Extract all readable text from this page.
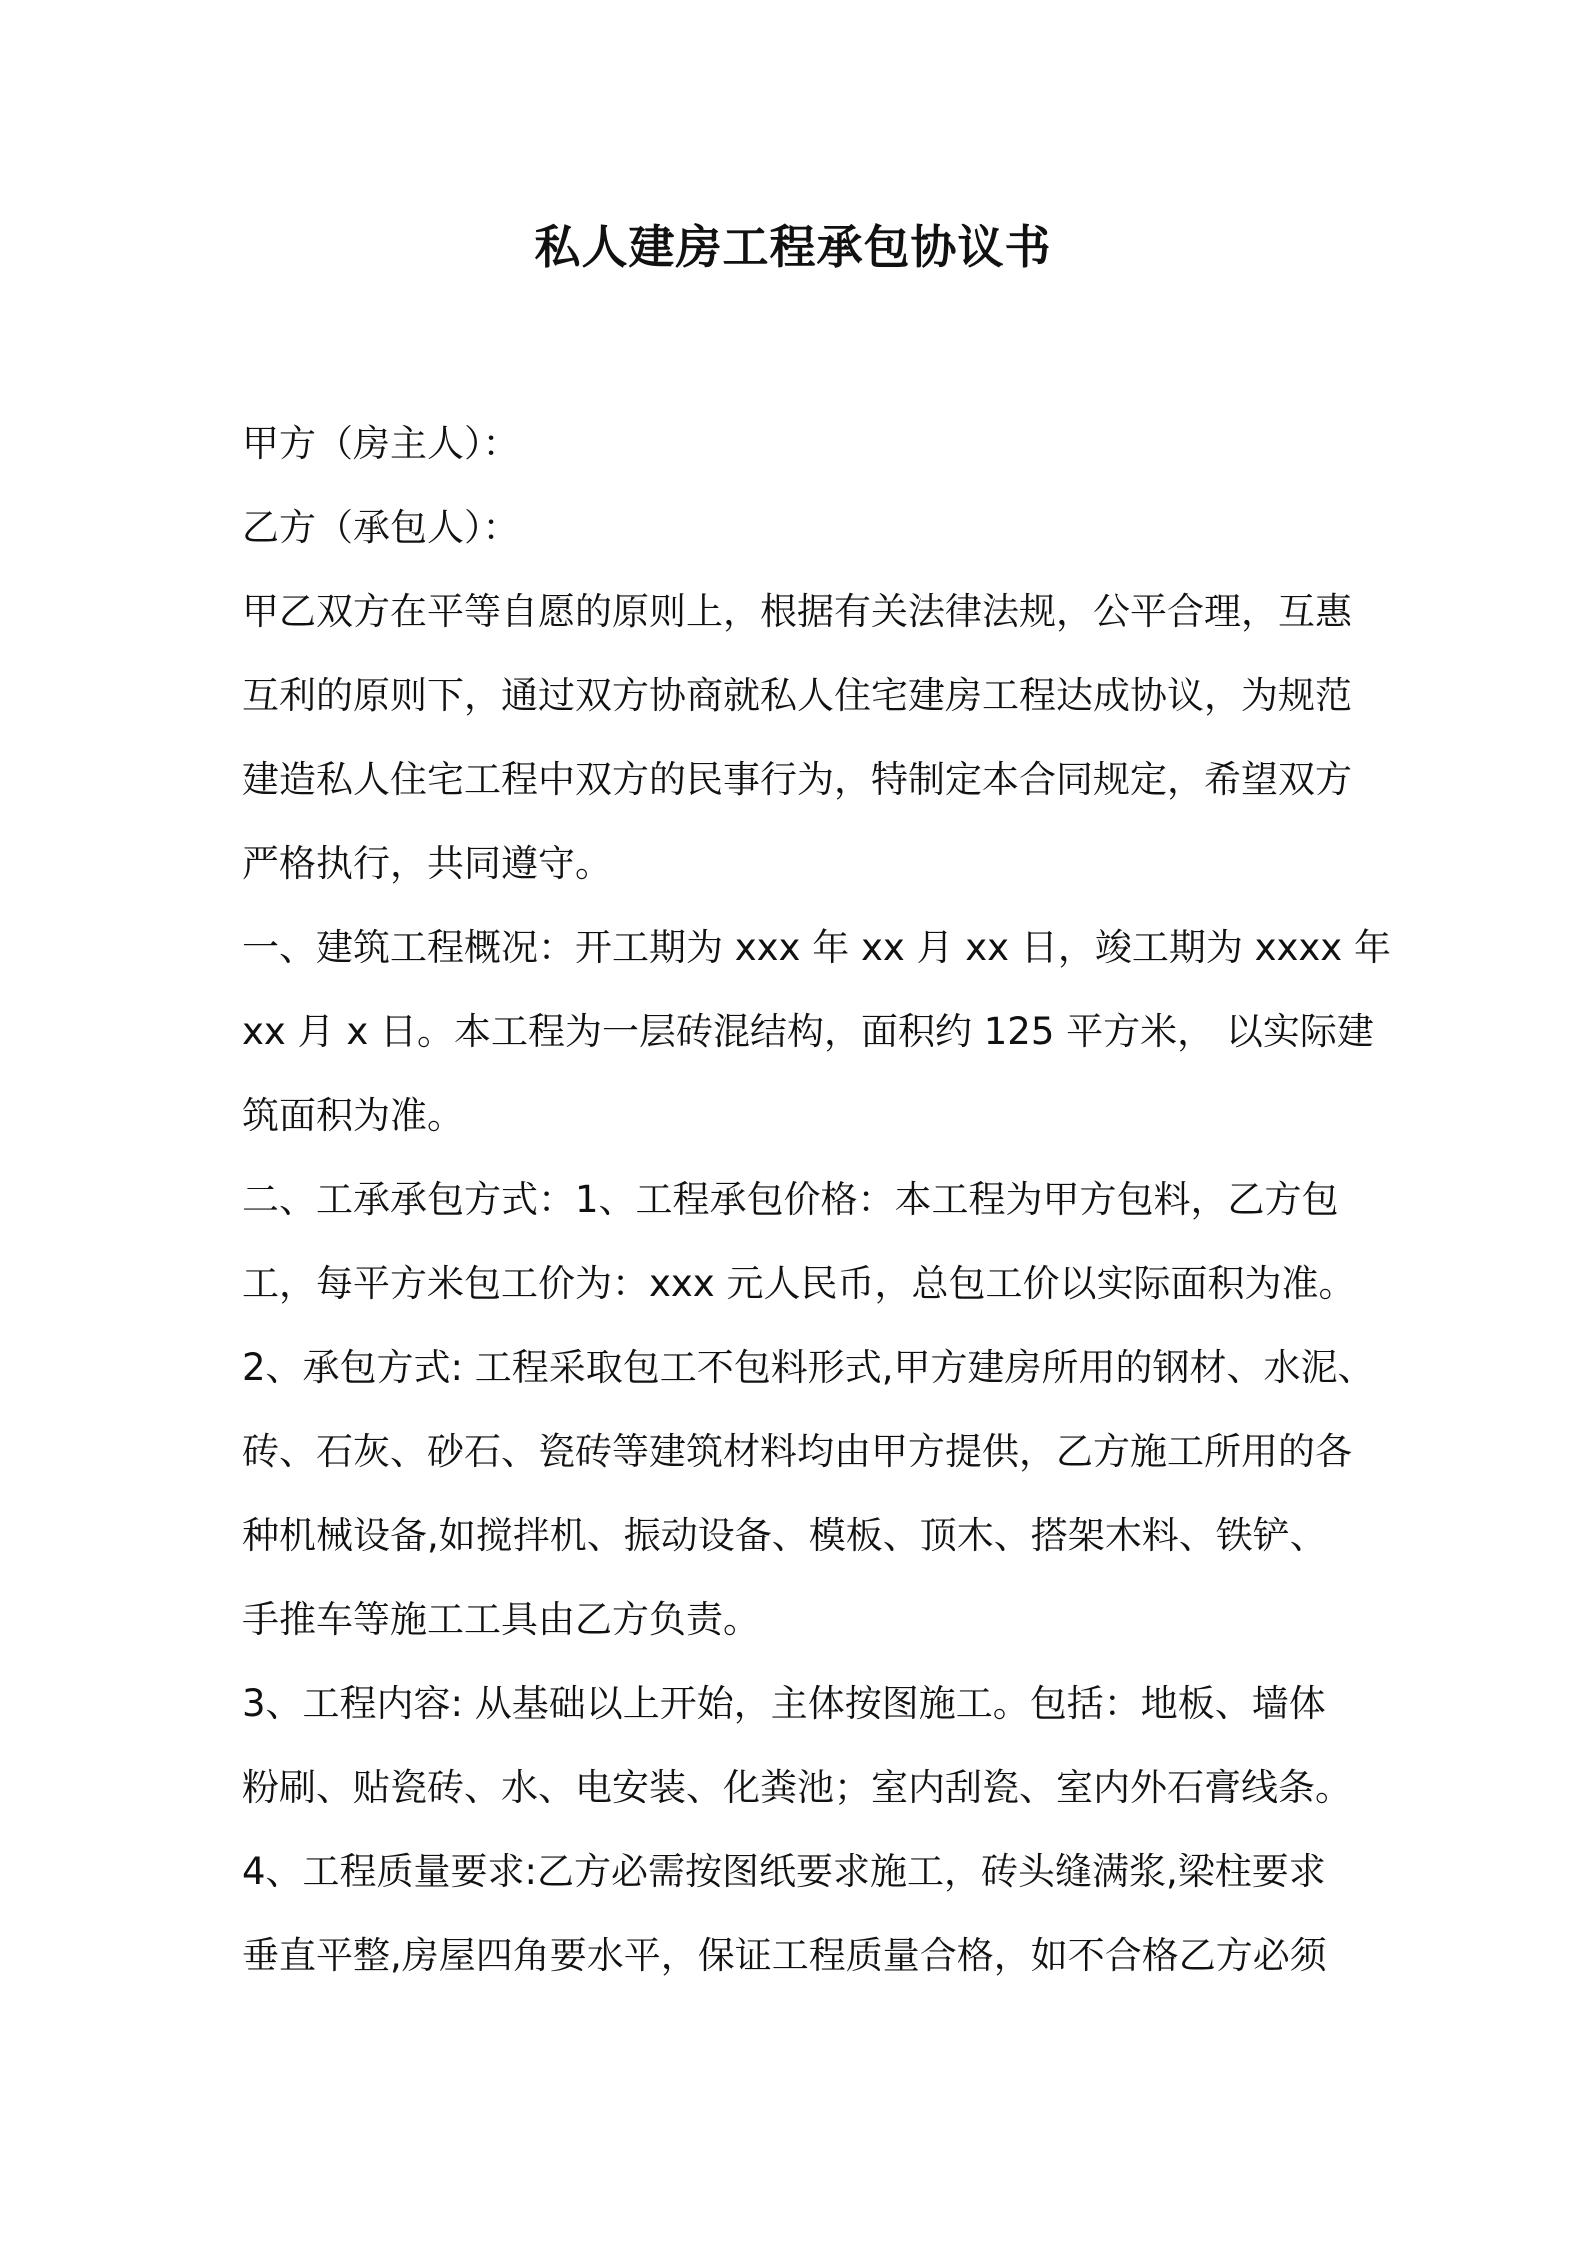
私人建房工程承包协议书
甲方（房主人）：
乙方（承包人）：
甲乙双方在平等自愿的原则上，根据有关法律法规，公平合理，互惠
互利的原则下，通过双方协商就私人住宅建房工程达成协议，为规范
建造私人住宅工程中双方的民事行为，特制定本合同规定，希望双方
严格执行，共同遵守。
一、建筑工程概况：开工期为 xxx 年 xx 月 xx 日，竣工期为 xxxx 年
xx 月 x 日。本工程为一层砖混结构，面积约 125 平方米， 以实际建
筑面积为准。
二、工承承包方式：1、工程承包价格：本工程为甲方包料，乙方包
工，每平方米包工价为：xxx 元人民币，总包工价以实际面积为准。
2、承包方式: 工程采取包工不包料形式,甲方建房所用的钢材、水泥、
砖、石灰、砂石、瓷砖等建筑材料均由甲方提供，乙方施工所用的各
种机械设备,如搅拌机、振动设备、模板、顶木、搭架木料、铁铲、
手推车等施工工具由乙方负责。
3、工程内容: 从基础以上开始，主体按图施工。包括：地板、墙体
粉刷、贴瓷砖、水、电安装、化粪池；室内刮瓷、室内外石膏线条。
4、工程质量要求:乙方必需按图纸要求施工，砖头缝满浆,梁柱要求
垂直平整,房屋四角要水平，保证工程质量合格，如不合格乙方必须
